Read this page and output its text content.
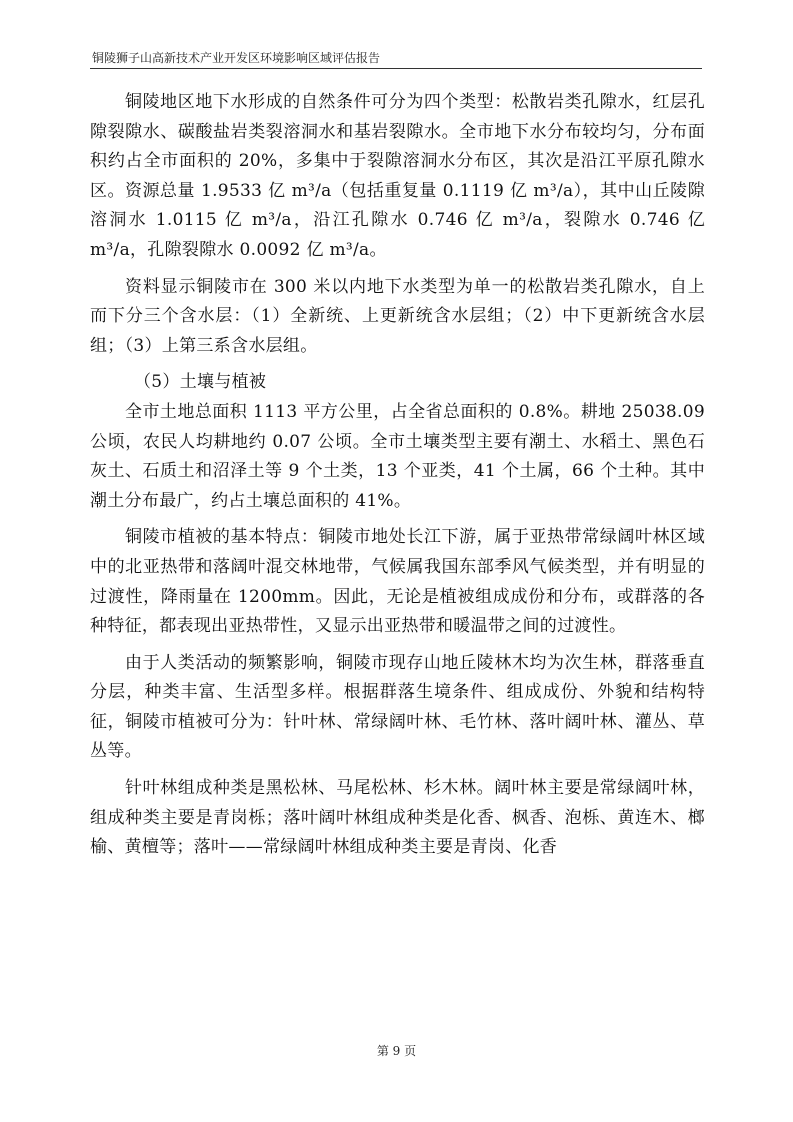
铜陵狮子山高新技术产业开发区环境影响区域评估报告

铜陵地区地下水形成的自然条件可分为四个类型：松散岩类孔隙水，红层孔隙裂隙水、碳酸盐岩类裂溶洞水和基岩裂隙水。全市地下水分布较均匀，分布面积约占全市面积的 20%，多集中于裂隙溶洞水分布区，其次是沿江平原孔隙水区。资源总量 1.9533 亿 m³/a（包括重复量 0.1119 亿 m³/a），其中山丘陵隙溶洞水 1.0115 亿 m³/a，沿江孔隙水 0.746 亿 m³/a，裂隙水 0.746 亿 m³/a，孔隙裂隙水 0.0092 亿 m³/a。

资料显示铜陵市在 300 米以内地下水类型为单一的松散岩类孔隙水，自上而下分三个含水层：（1）全新统、上更新统含水层组；（2）中下更新统含水层组；（3）上第三系含水层组。

（5）土壤与植被

全市土地总面积 1113 平方公里，占全省总面积的 0.8%。耕地 25038.09 公顷，农民人均耕地约 0.07 公顷。全市土壤类型主要有潮土、水稻土、黑色石灰土、石质土和沼泽土等 9 个土类，13 个亚类，41 个土属，66 个土种。其中潮土分布最广，约占土壤总面积的 41%。

铜陵市植被的基本特点：铜陵市地处长江下游，属于亚热带常绿阔叶林区域中的北亚热带和落阔叶混交林地带，气候属我国东部季风气候类型，并有明显的过渡性，降雨量在 1200mm。因此，无论是植被组成成份和分布，或群落的各种特征，都表现出亚热带性，又显示出亚热带和暖温带之间的过渡性。

由于人类活动的频繁影响，铜陵市现存山地丘陵林木均为次生林，群落垂直分层，种类丰富、生活型多样。根据群落生境条件、组成成份、外貌和结构特征，铜陵市植被可分为：针叶林、常绿阔叶林、毛竹林、落叶阔叶林、灌丛、草丛等。

针叶林组成种类是黑松林、马尾松林、杉木林。阔叶林主要是常绿阔叶林，组成种类主要是青岗栎；落叶阔叶林组成种类是化香、枫香、泡栎、黄连木、榔榆、黄檀等；落叶——常绿阔叶林组成种类主要是青岗、化香

第 9 页
